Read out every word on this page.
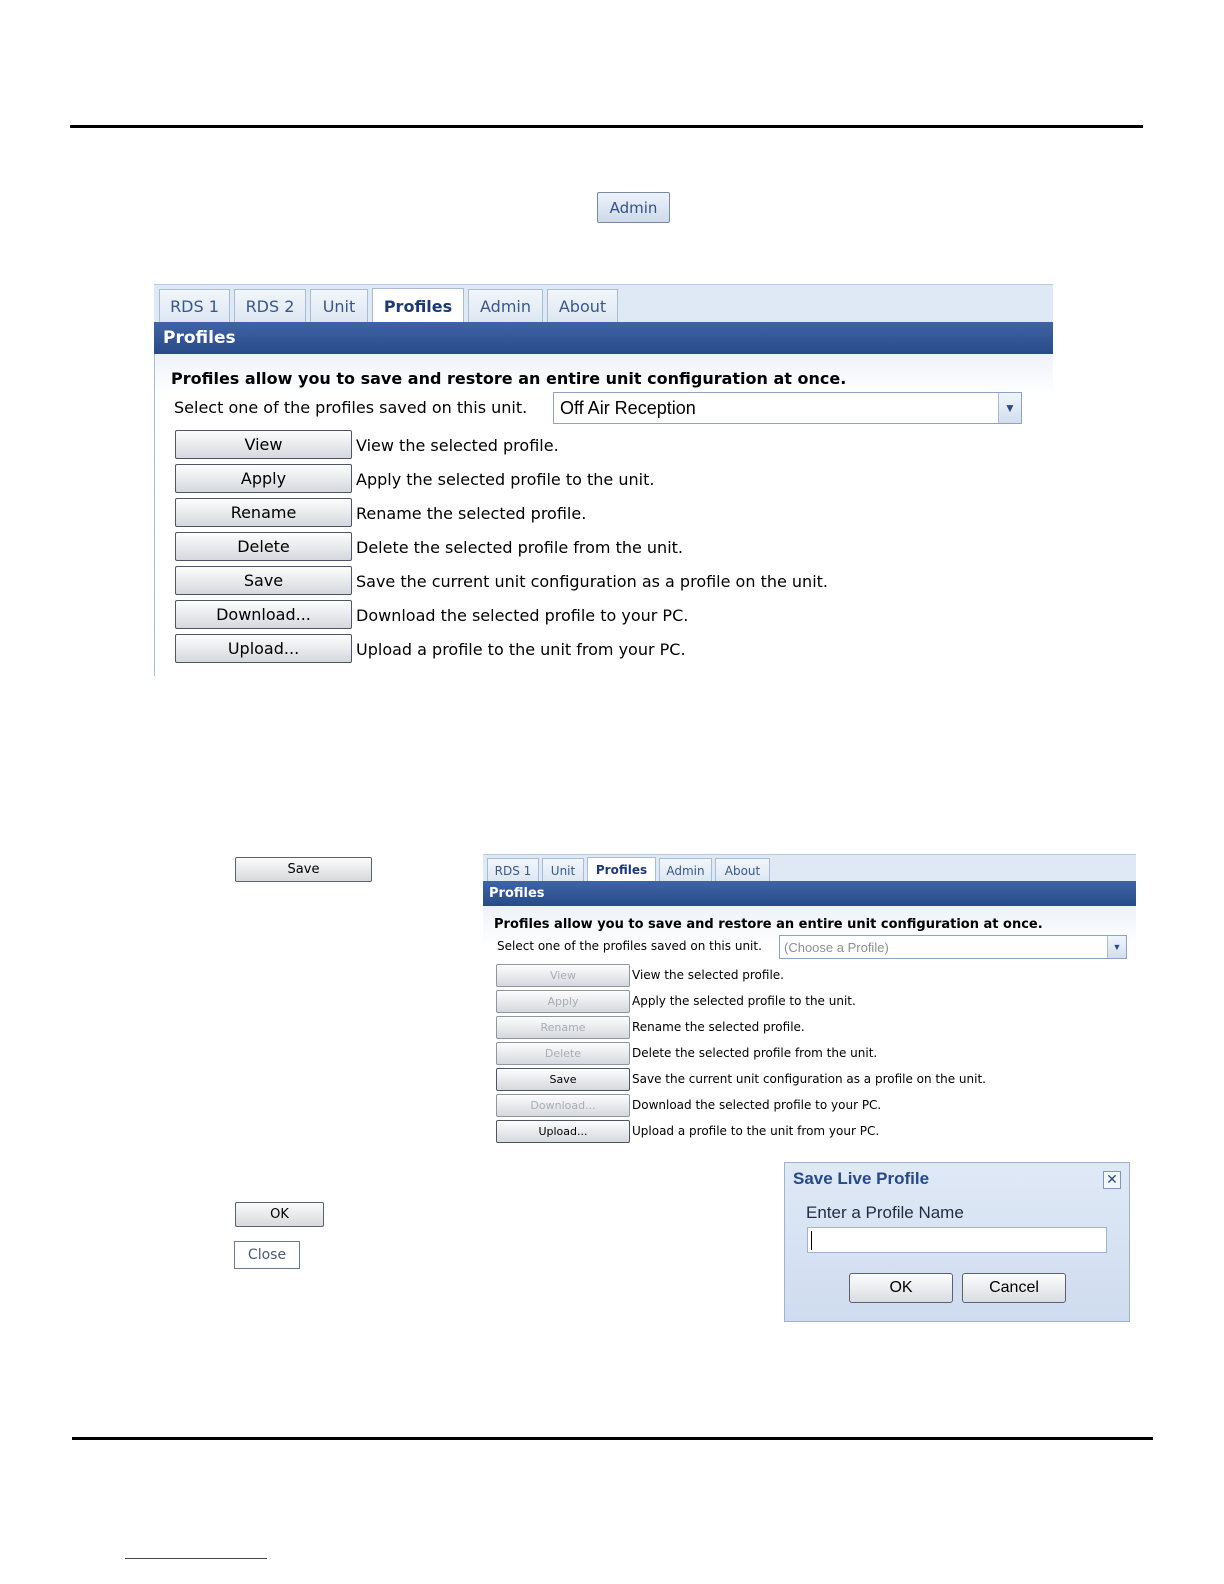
Admin
RDS 1	RDS 2	Unit	Profiles	Admin	About
Profiles
Profiles allow you to save and restore an entire unit configuration at once.
Select one of the profiles saved on this unit.	Off Air Reception	▼
View	View the selected profile.
Apply	Apply the selected profile to the unit.
Rename	Rename the selected profile.
Delete	Delete the selected profile from the unit.
Save	Save the current unit configuration as a profile on the unit.
Download...	Download the selected profile to your PC.
Upload...	Upload a profile to the unit from your PC.
Save
OK
Close
RDS 1	Unit	Profiles	Admin	About
Profiles
Profiles allow you to save and restore an entire unit configuration at once.
Select one of the profiles saved on this unit.	(Choose a Profile)	▼
View	View the selected profile.
Apply	Apply the selected profile to the unit.
Rename	Rename the selected profile.
Delete	Delete the selected profile from the unit.
Save	Save the current unit configuration as a profile on the unit.
Download...	Download the selected profile to your PC.
Upload...	Upload a profile to the unit from your PC.
Save Live Profile	✕
Enter a Profile Name
OK	Cancel
